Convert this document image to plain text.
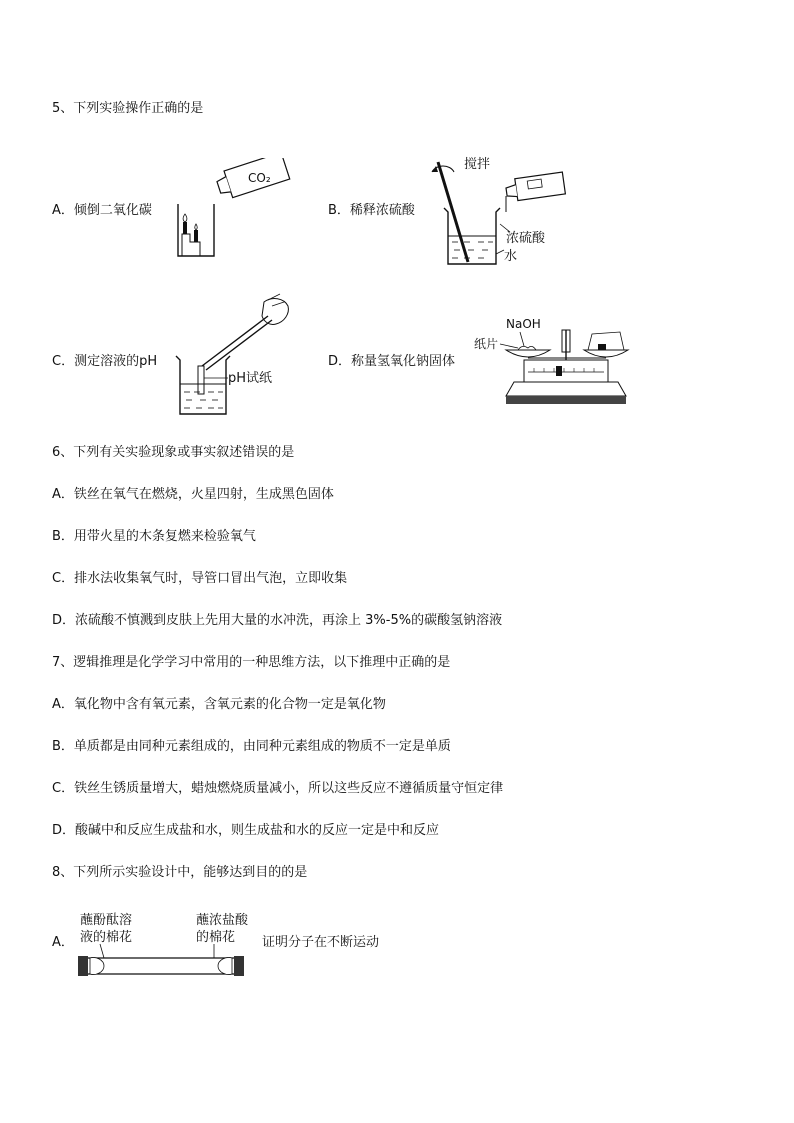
5、下列实验操作正确的是
A．倾倒二氧化碳
CO₂
B．稀释浓硫酸
搅拌
浓硫酸
水
C．测定溶液的pH
pH试纸
D．称量氢氧化钠固体
NaOH
纸片
6、下列有关实验现象或事实叙述错误的是
A．铁丝在氧气在燃烧，火星四射，生成黑色固体
B．用带火星的木条复燃来检验氧气
C．排水法收集氧气时，导管口冒出气泡，立即收集
D．浓硫酸不慎溅到皮肤上先用大量的水冲洗，再涂上 3%-5%的碳酸氢钠溶液
7、逻辑推理是化学学习中常用的一种思维方法，以下推理中正确的是
A．氧化物中含有氧元素，含氧元素的化合物一定是氧化物
B．单质都是由同种元素组成的，由同种元素组成的物质不一定是单质
C．铁丝生锈质量增大，蜡烛燃烧质量减小，所以这些反应不遵循质量守恒定律
D．酸碱中和反应生成盐和水，则生成盐和水的反应一定是中和反应
8、下列所示实验设计中，能够达到目的的是
A．
蘸酚酞溶
液的棉花
蘸浓盐酸
的棉花 证明分子在不断运动
